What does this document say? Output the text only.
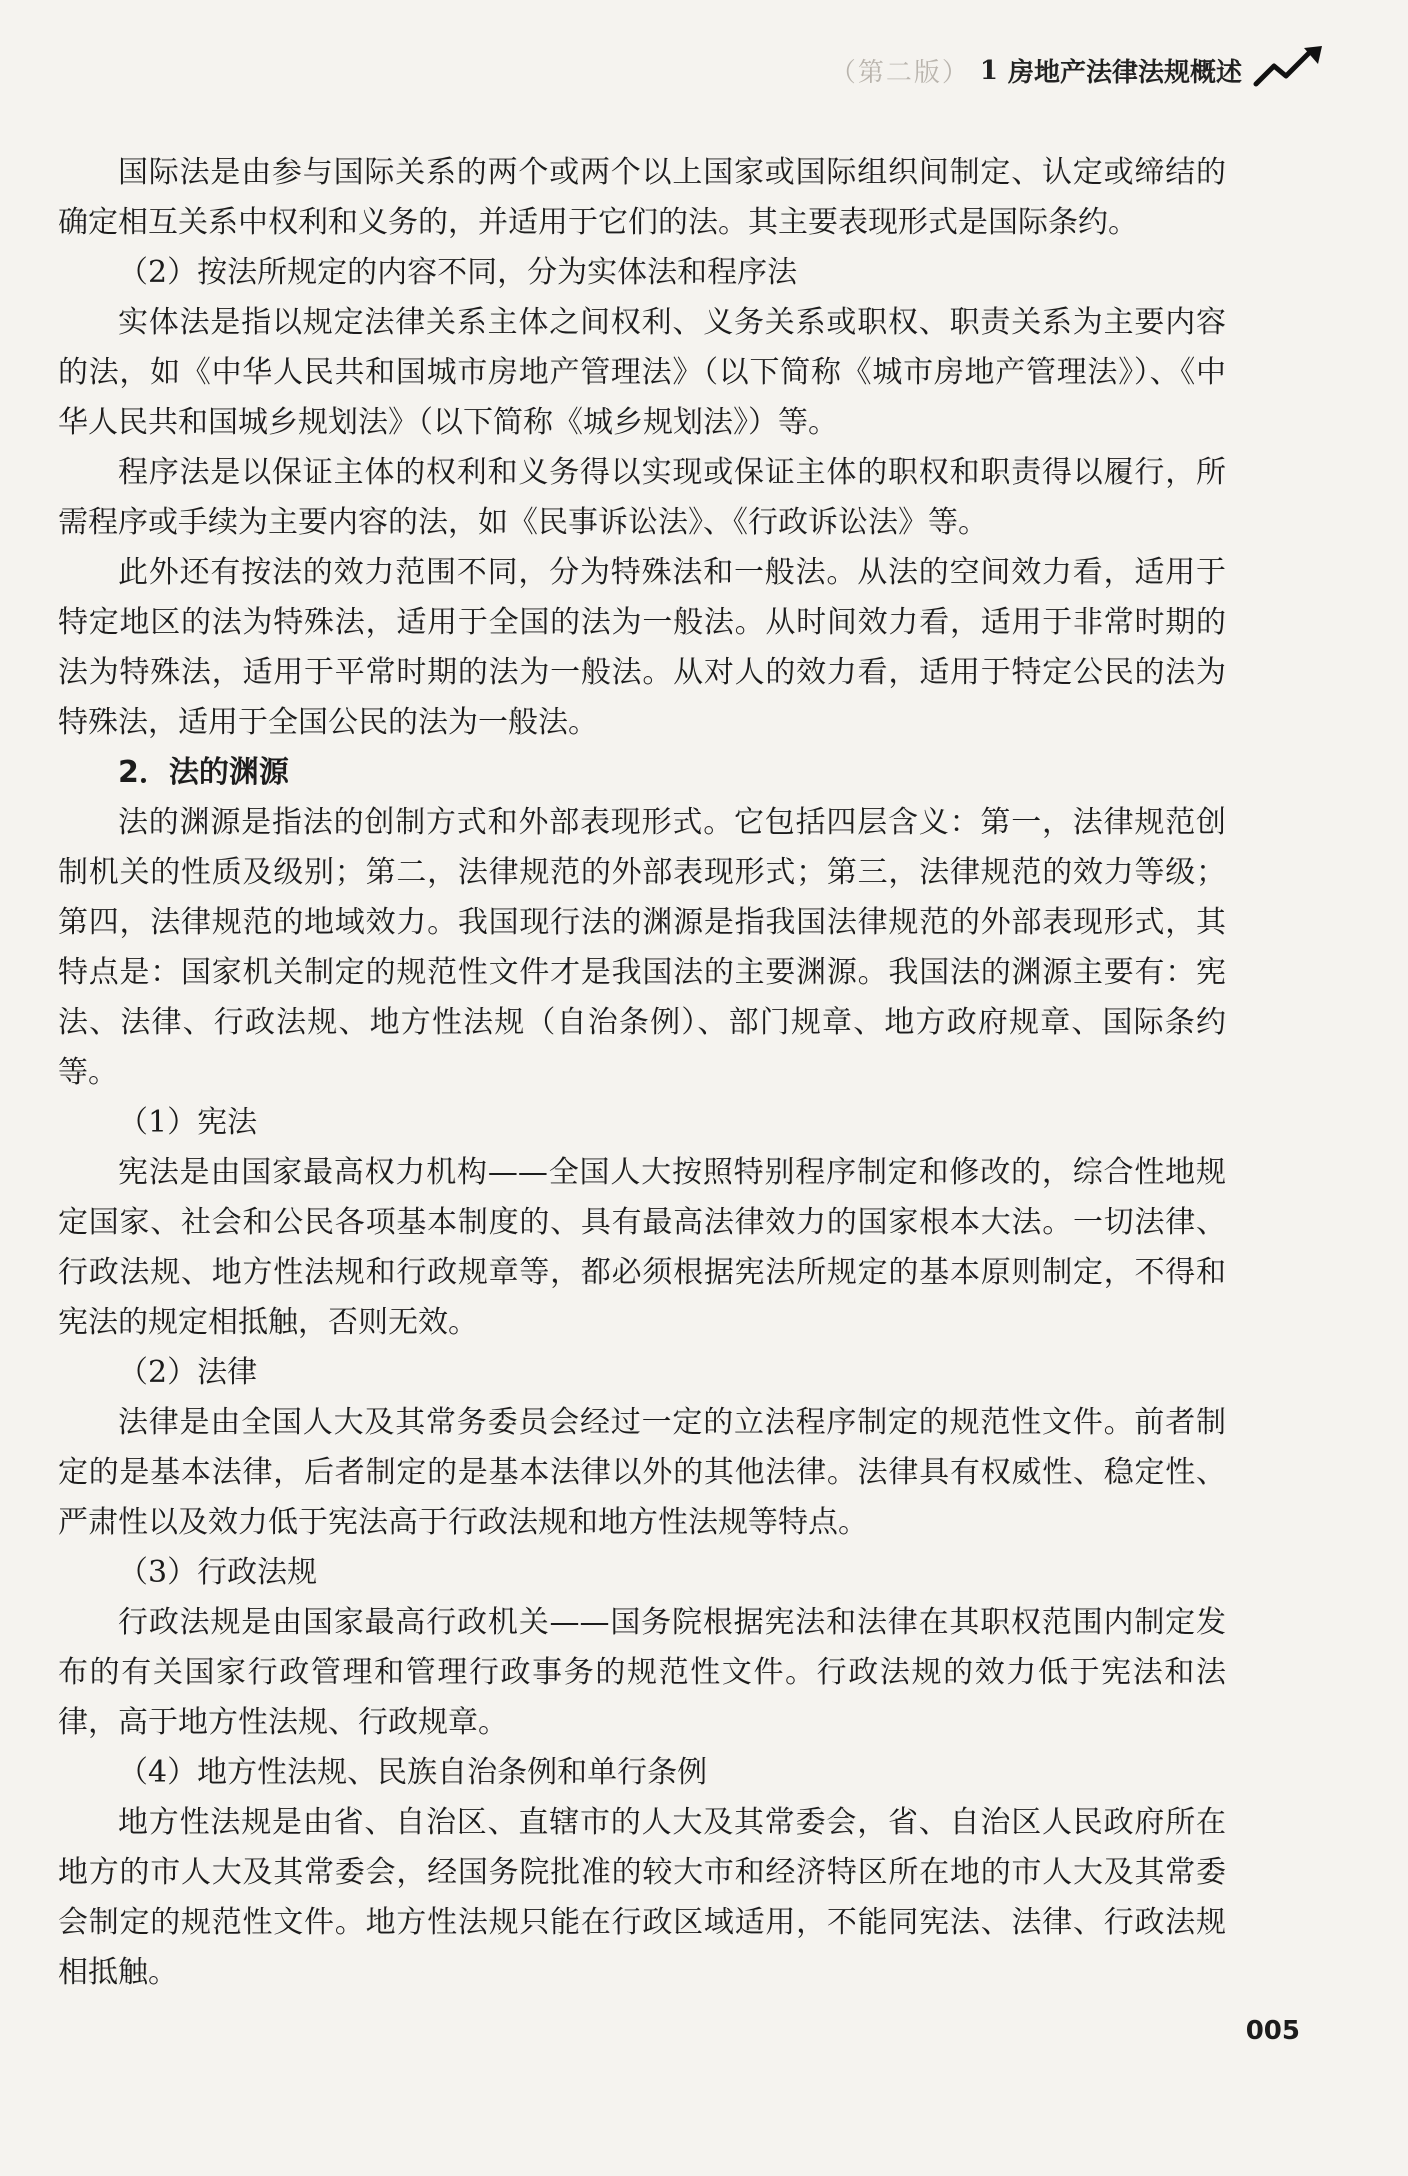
（第二版） 1 房地产法律法规概述

国际法是由参与国际关系的两个或两个以上国家或国际组织间制定、认定或缔结的确定相互关系中权利和义务的，并适用于它们的法。其主要表现形式是国际条约。

（2）按法所规定的内容不同，分为实体法和程序法

实体法是指以规定法律关系主体之间权利、义务关系或职权、职责关系为主要内容的法，如《中华人民共和国城市房地产管理法》（以下简称《城市房地产管理法》）、《中华人民共和国城乡规划法》（以下简称《城乡规划法》）等。

程序法是以保证主体的权利和义务得以实现或保证主体的职权和职责得以履行，所需程序或手续为主要内容的法，如《民事诉讼法》、《行政诉讼法》等。

此外还有按法的效力范围不同，分为特殊法和一般法。从法的空间效力看，适用于特定地区的法为特殊法，适用于全国的法为一般法。从时间效力看，适用于非常时期的法为特殊法，适用于平常时期的法为一般法。从对人的效力看，适用于特定公民的法为特殊法，适用于全国公民的法为一般法。

2．法的渊源

法的渊源是指法的创制方式和外部表现形式。它包括四层含义：第一，法律规范创制机关的性质及级别；第二，法律规范的外部表现形式；第三，法律规范的效力等级；第四，法律规范的地域效力。我国现行法的渊源是指我国法律规范的外部表现形式，其特点是：国家机关制定的规范性文件才是我国法的主要渊源。我国法的渊源主要有：宪法、法律、行政法规、地方性法规（自治条例）、部门规章、地方政府规章、国际条约等。

（1）宪法

宪法是由国家最高权力机构——全国人大按照特别程序制定和修改的，综合性地规定国家、社会和公民各项基本制度的、具有最高法律效力的国家根本大法。一切法律、行政法规、地方性法规和行政规章等，都必须根据宪法所规定的基本原则制定，不得和宪法的规定相抵触，否则无效。

（2）法律

法律是由全国人大及其常务委员会经过一定的立法程序制定的规范性文件。前者制定的是基本法律，后者制定的是基本法律以外的其他法律。法律具有权威性、稳定性、严肃性以及效力低于宪法高于行政法规和地方性法规等特点。

（3）行政法规

行政法规是由国家最高行政机关——国务院根据宪法和法律在其职权范围内制定发布的有关国家行政管理和管理行政事务的规范性文件。行政法规的效力低于宪法和法律，高于地方性法规、行政规章。

（4）地方性法规、民族自治条例和单行条例

地方性法规是由省、自治区、直辖市的人大及其常委会，省、自治区人民政府所在地方的市人大及其常委会，经国务院批准的较大市和经济特区所在地的市人大及其常委会制定的规范性文件。地方性法规只能在行政区域适用，不能同宪法、法律、行政法规相抵触。

005
